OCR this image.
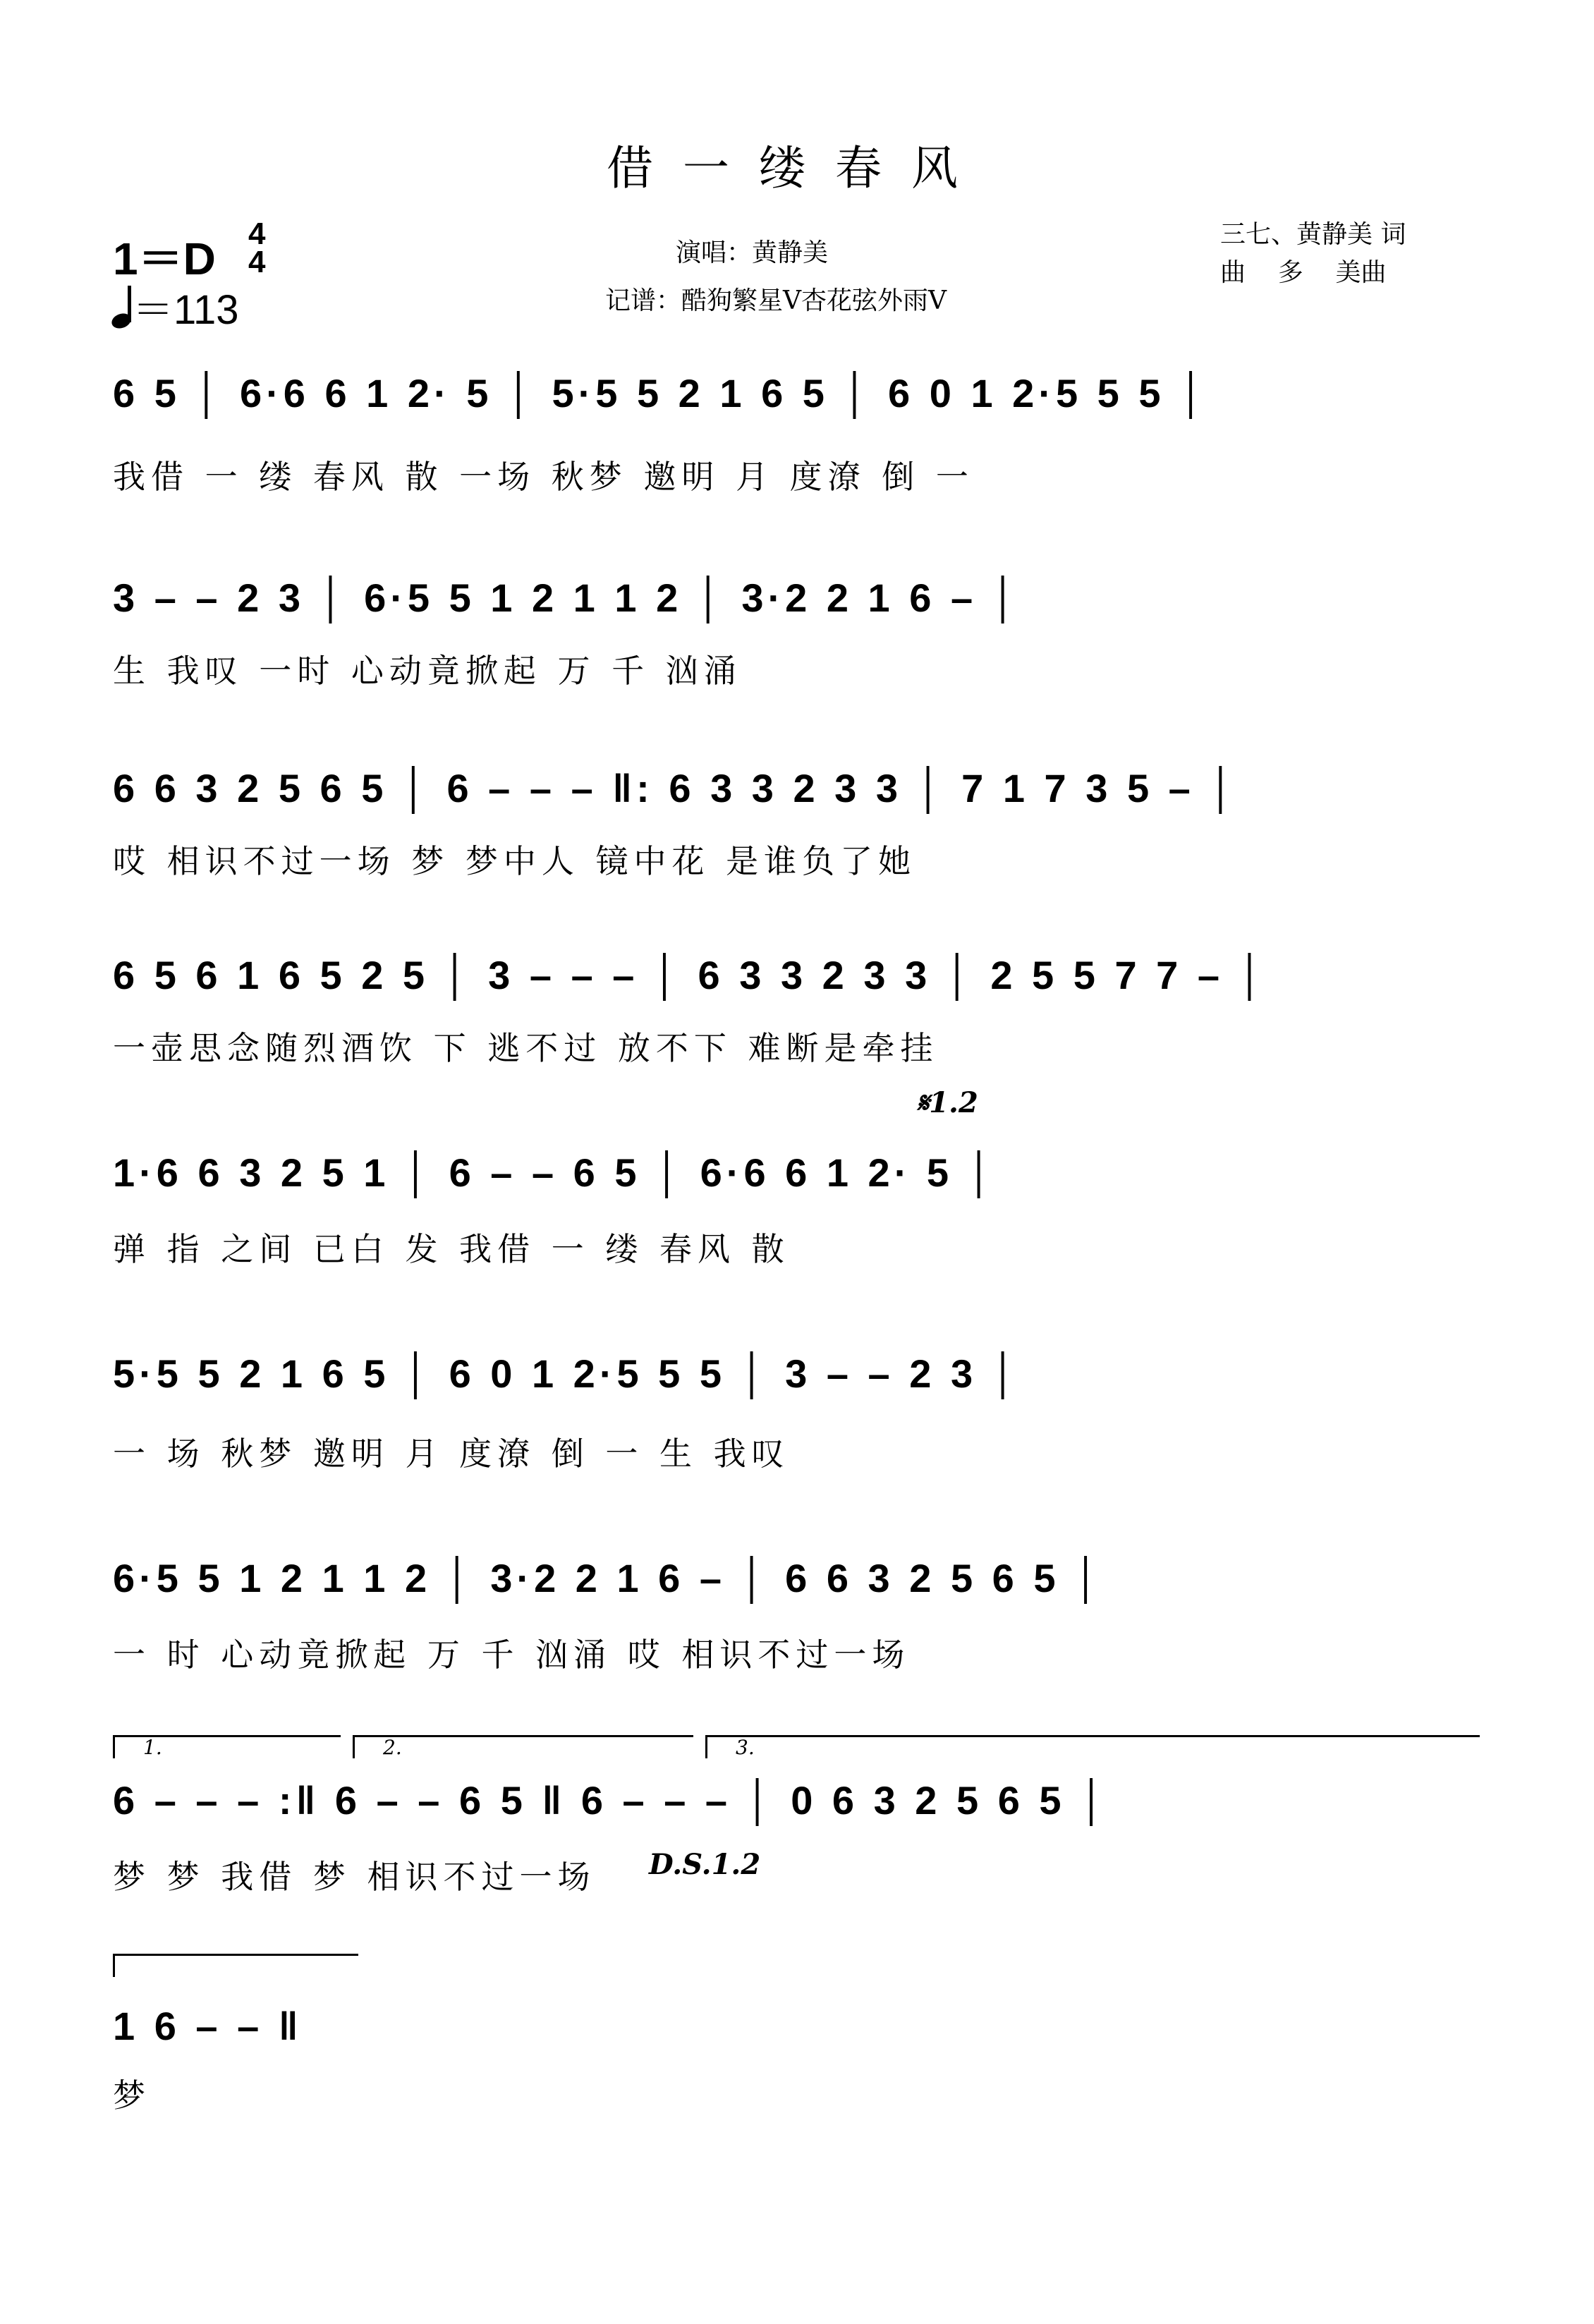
借一缕春风
1＝D 4
4
＝113
演唱：黄静美
记谱：酷狗繁星V杏花弦外雨V
三七、黄静美 词
曲    多    美曲
6 5 │ 6·6 6 1 2· 5 │ 5·5 5 2 1 6 5 │ 6 0 1 2·5 5 5 │
我借 一 缕 春风 散 一场 秋梦 邀明 月 度潦 倒 一
3 – – 2 3 │ 6·5 5 1 2 1 1 2 │ 3·2 2 1 6 – │
生 我叹 一时 心动竟掀起 万 千 汹涌
6 6 3 2 5 6 5 │ 6 – – – ‖: 6 3 3 2 3 3 │ 7 1 7 3 5 – │
哎 相识不过一场 梦 梦中人 镜中花 是谁负了她
6 5 6 1 6 5 2 5 │ 3 – – – │ 6 3 3 2 3 3 │ 2 5 5 7 7 – │
一壶思念随烈酒饮 下 逃不过 放不下 难断是牵挂
𝄋1.2
1·6 6 3 2 5 1 │ 6 – – 6 5 │ 6·6 6 1 2· 5 │
弹 指 之间 已白 发 我借 一 缕 春风 散
5·5 5 2 1 6 5 │ 6 0 1 2·5 5 5 │ 3 – – 2 3 │
一 场 秋梦 邀明 月 度潦 倒 一 生 我叹
6·5 5 1 2 1 1 2 │ 3·2 2 1 6 – │ 6 6 3 2 5 6 5 │
一 时 心动竟掀起 万 千 汹涌 哎 相识不过一场
1.	2.	3.
6 – – – :‖ 6 – – 6 5 ‖ 6 – – – │ 0 6 3 2 5 6 5 │
梦 梦 我借 梦 相识不过一场 D.S.1.2
1 6 – – ‖
梦
